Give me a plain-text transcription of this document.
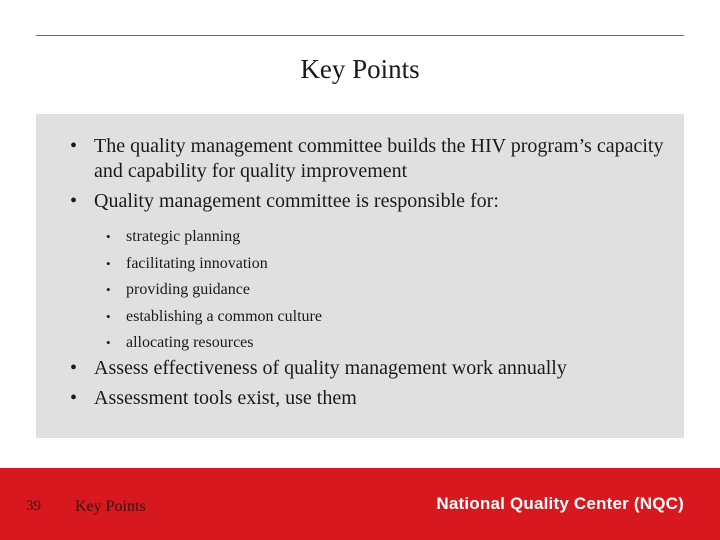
Key Points
• The quality management committee builds the HIV program’s capacity and capability for quality improvement
• Quality management committee is responsible for:
• strategic planning
• facilitating innovation
• providing guidance
• establishing a common culture
• allocating resources
• Assess effectiveness of quality management work annually
• Assessment tools exist, use them
39 Key Points	National Quality Center (NQC)
